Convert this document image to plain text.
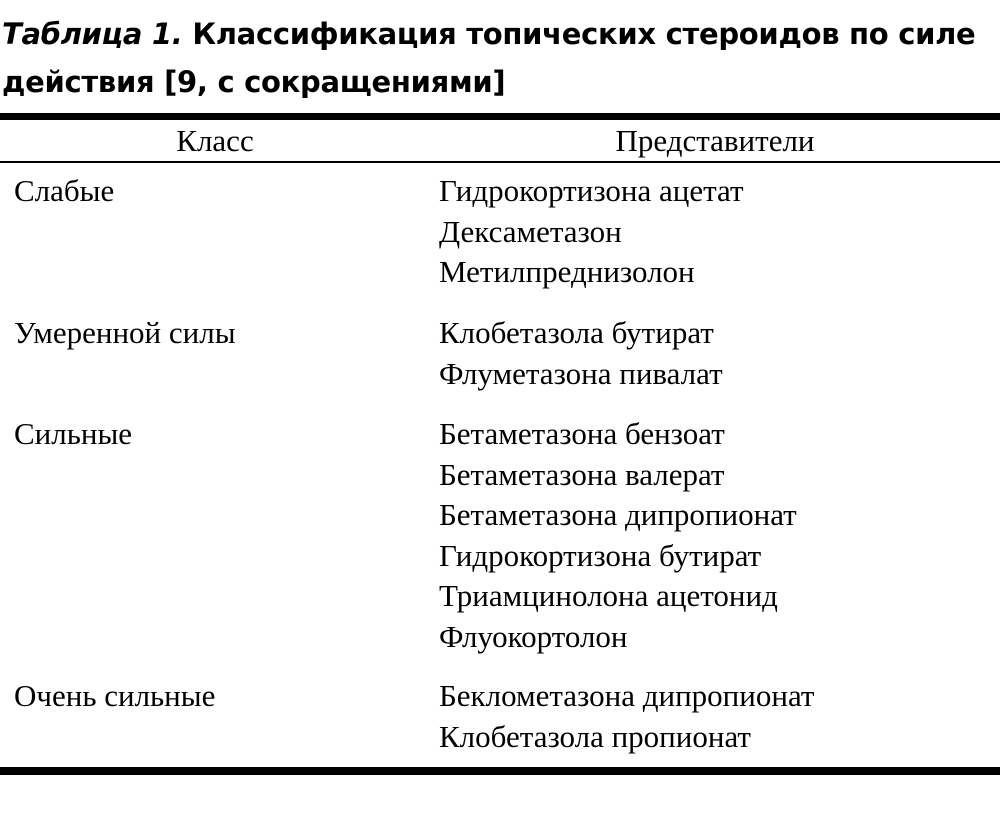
Таблица 1. Классификация топических стероидов по силе
действия [9, с сокращениями]
Класс	Представители
Слабые	Гидрокортизона ацетат
Дексаметазон
Метилпреднизолон
Умеренной силы	Клобетазола бутират
Флуметазона пивалат
Сильные	Бетаметазона бензоат
Бетаметазона валерат
Бетаметазона дипропионат
Гидрокортизона бутират
Триамцинолона ацетонид
Флуокортолон
Очень сильные	Беклометазона дипропионат
Клобетазола пропионат
